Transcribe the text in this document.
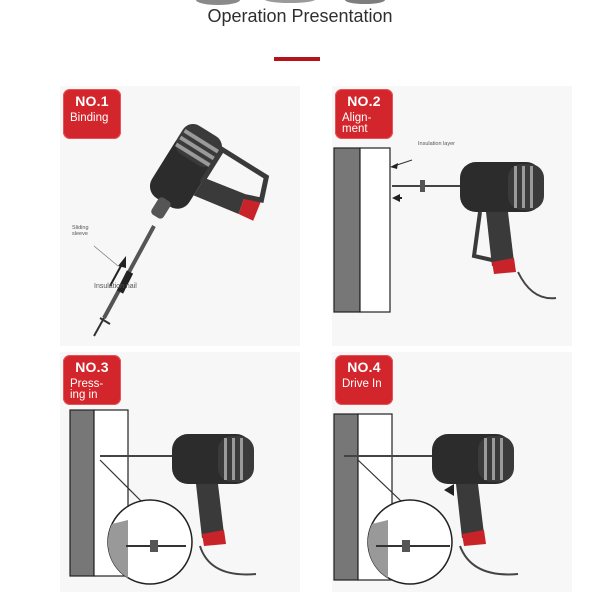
Operation Presentation
NO.1
Binding
Sliding sleeve
Insulation nail
NO.2
Align- ment
Insulation layer
NO.3
Press- ing in
NO.4
Drive In
